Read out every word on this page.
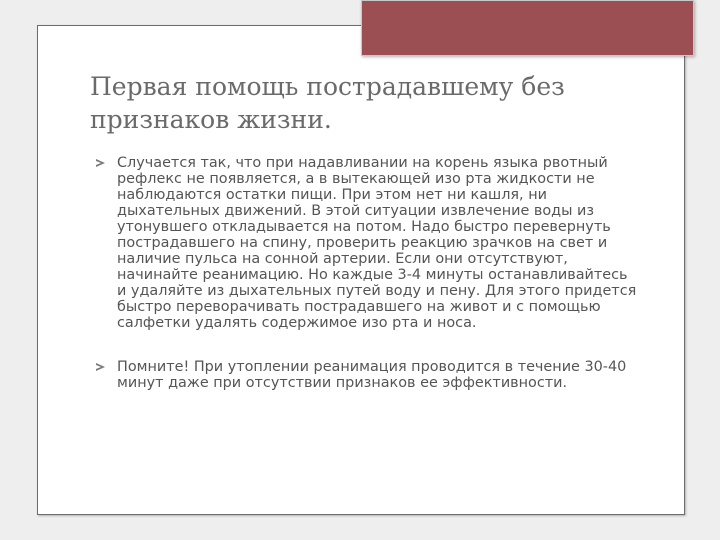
Первая помощь пострадавшему без признаков жизни.
Случается так, что при надавливании на корень языка рвотный рефлекс не появляется, а в вытекающей изо рта жидкости не наблюдаются остатки пищи. При этом нет ни кашля, ни дыхательных движений. В этой ситуации извлечение воды из утонувшего откладывается на потом. Надо быстро перевернуть пострадавшего на спину, проверить реакцию зрачков на свет и наличие пульса на сонной артерии. Если они отсутствуют, начинайте реанимацию. Но каждые 3-4 минуты останавливайтесь и удаляйте из дыхательных путей воду и пену. Для этого придется быстро переворачивать пострадавшего на живот и с помощью салфетки удалять содержимое изо рта и носа.
Помните! При утоплении реанимация проводится в течение 30-40 минут даже при отсутствии признаков ее эффективности.
